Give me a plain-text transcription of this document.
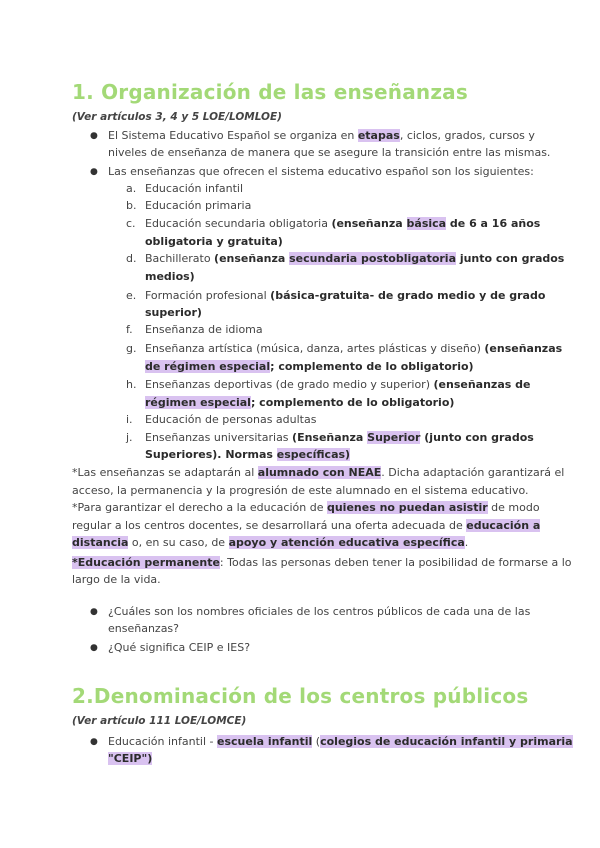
1. Organización de las enseñanzas
(Ver artículos 3, 4 y 5 LOE/LOMLOE)
● El Sistema Educativo Español se organiza en etapas, ciclos, grados, cursos y
niveles de enseñanza de manera que se asegure la transición entre las mismas.
● Las enseñanzas que ofrecen el sistema educativo español son los siguientes:
a. Educación infantil
b. Educación primaria
c. Educación secundaria obligatoria (enseñanza básica de 6 a 16 años
obligatoria y gratuita)
d. Bachillerato (enseñanza secundaria postobligatoria junto con grados
medios)
e. Formación profesional (básica-gratuita- de grado medio y de grado
superior)
f. Enseñanza de idioma
g. Enseñanza artística (música, danza, artes plásticas y diseño) (enseñanzas
de régimen especial; complemento de lo obligatorio)
h. Enseñanzas deportivas (de grado medio y superior) (enseñanzas de
régimen especial; complemento de lo obligatorio)
i. Educación de personas adultas
j. Enseñanzas universitarias (Enseñanza Superior (junto con grados
Superiores). Normas específicas)
*Las enseñanzas se adaptarán al alumnado con NEAE. Dicha adaptación garantizará el
acceso, la permanencia y la progresión de este alumnado en el sistema educativo.
*Para garantizar el derecho a la educación de quienes no puedan asistir de modo
regular a los centros docentes, se desarrollará una oferta adecuada de educación a
distancia o, en su caso, de apoyo y atención educativa específica.
*Educación permanente: Todas las personas deben tener la posibilidad de formarse a lo
largo de la vida.
● ¿Cuáles son los nombres oficiales de los centros públicos de cada una de las
enseñanzas?
● ¿Qué significa CEIP e IES?
2.Denominación de los centros públicos
(Ver artículo 111 LOE/LOMCE)
● Educación infantil - escuela infantil (colegios de educación infantil y primaria
"CEIP")
